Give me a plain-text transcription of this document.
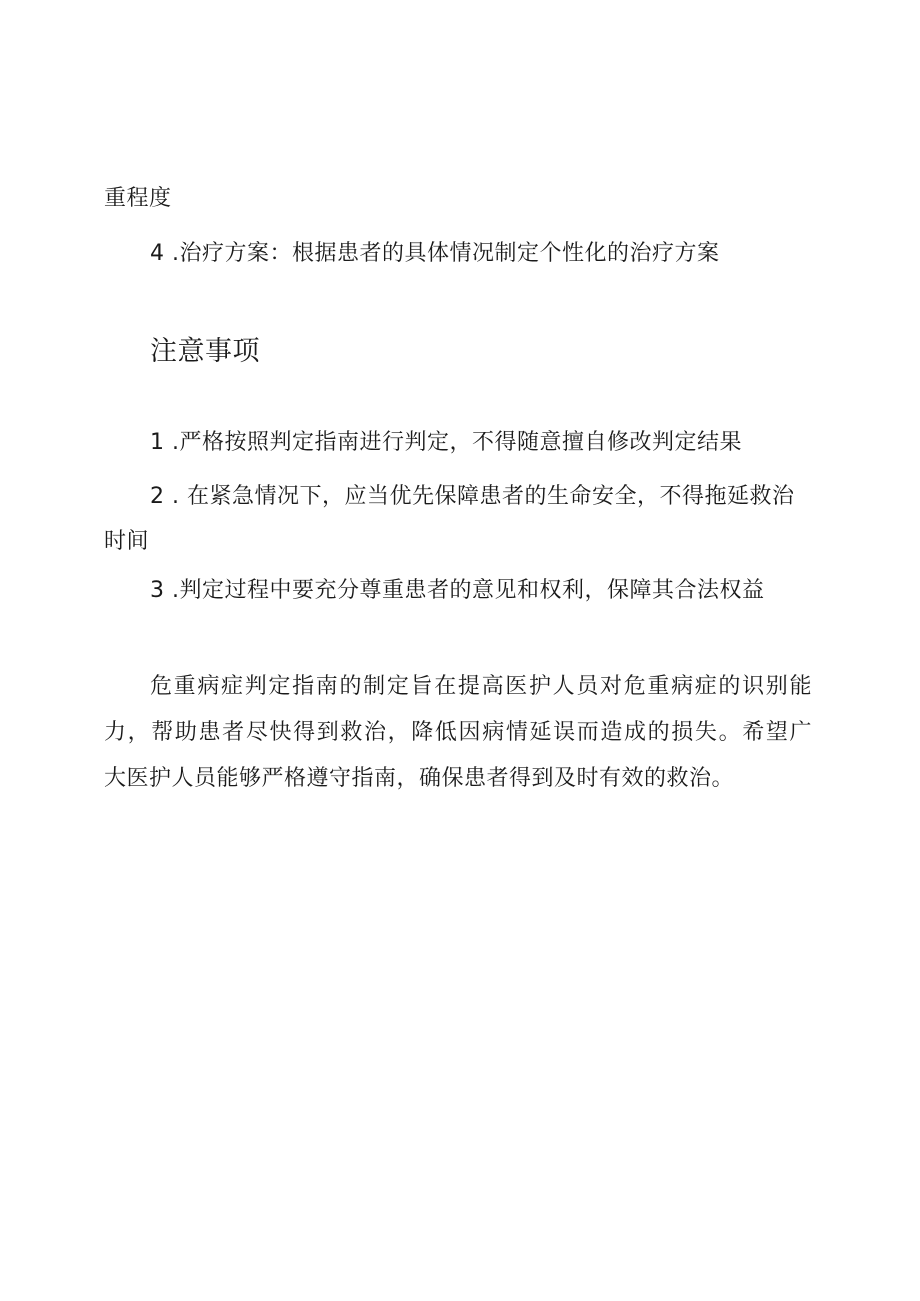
重程度
4 .治疗方案：根据患者的具体情况制定个性化的治疗方案
注意事项
1 .严格按照判定指南进行判定，不得随意擅自修改判定结果
2 . 在紧急情况下，应当优先保障患者的生命安全，不得拖延救治
时间
3 .判定过程中要充分尊重患者的意见和权利，保障其合法权益
危重病症判定指南的制定旨在提高医护人员对危重病症的识别能
力，帮助患者尽快得到救治，降低因病情延误而造成的损失。希望广
大医护人员能够严格遵守指南，确保患者得到及时有效的救治。
